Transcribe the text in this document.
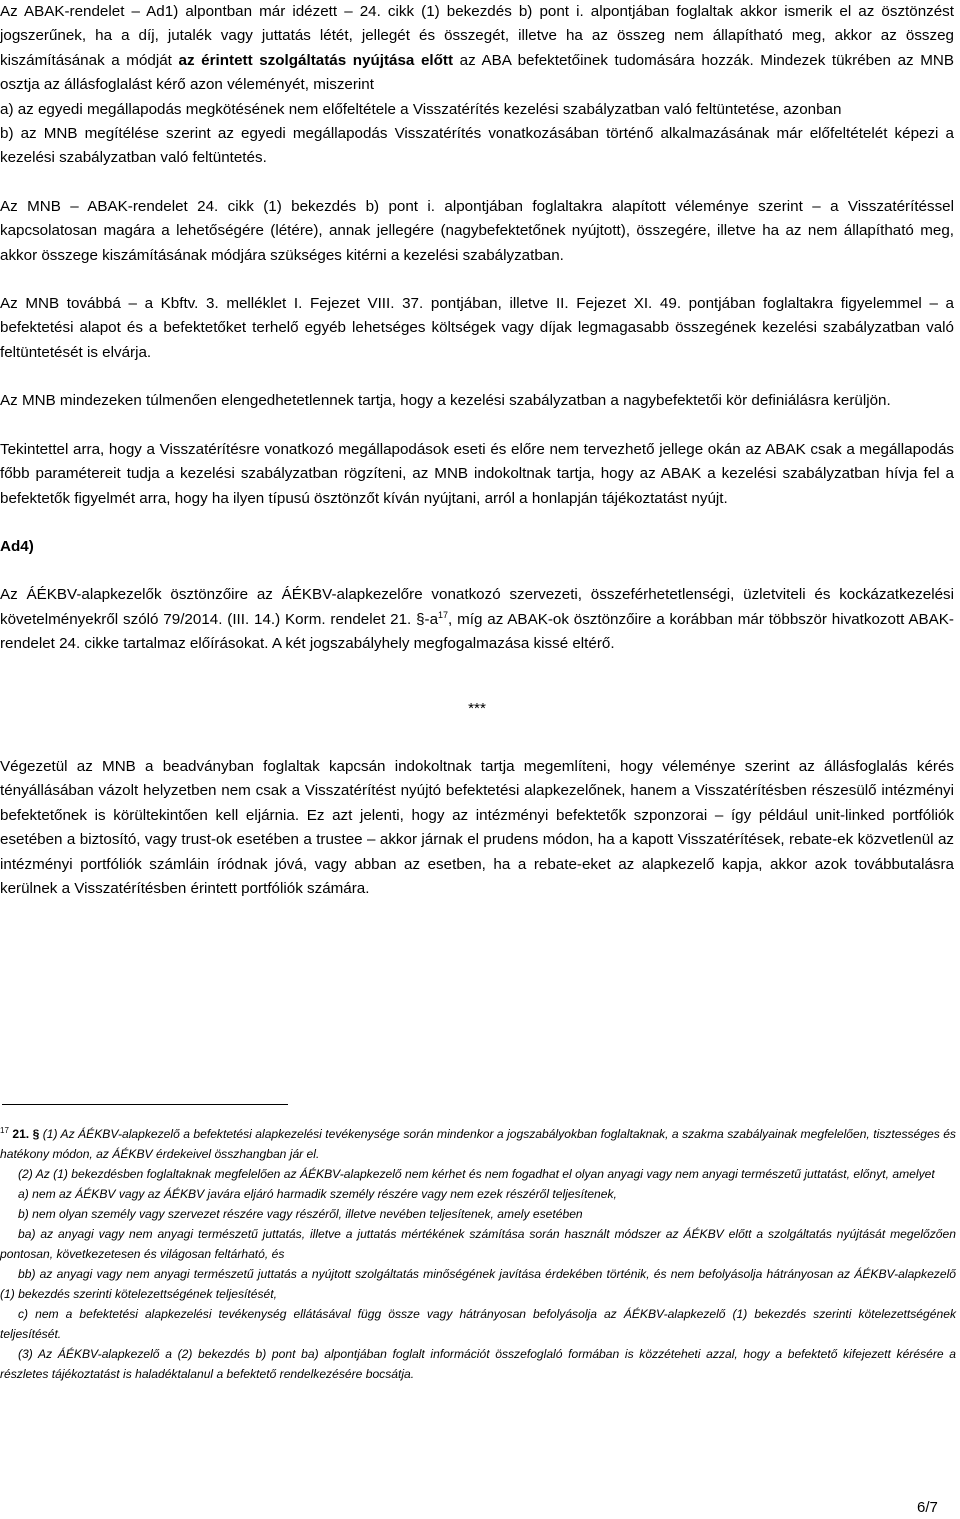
Az ABAK-rendelet – Ad1) alpontban már idézett – 24. cikk (1) bekezdés b) pont i. alpontjában foglaltak akkor ismerik el az ösztönzést jogszerűnek, ha a díj, jutalék vagy juttatás létét, jellegét és összegét, illetve ha az összeg nem állapítható meg, akkor az összeg kiszámításának a módját az érintett szolgáltatás nyújtása előtt az ABA befektetőinek tudomására hozzák. Mindezek tükrében az MNB osztja az állásfoglalást kérő azon véleményét, miszerint

a) az egyedi megállapodás megkötésének nem előfeltétele a Visszatérítés kezelési szabályzatban való feltüntetése, azonban

b) az MNB megítélése szerint az egyedi megállapodás Visszatérítés vonatkozásában történő alkalmazásának már előfeltételét képezi a kezelési szabályzatban való feltüntetés.

Az MNB – ABAK-rendelet 24. cikk (1) bekezdés b) pont i. alpontjában foglaltakra alapított véleménye szerint – a Visszatérítéssel kapcsolatosan magára a lehetőségére (létére), annak jellegére (nagybefektetőnek nyújtott), összegére, illetve ha az nem állapítható meg, akkor összege kiszámításának módjára szükséges kitérni a kezelési szabályzatban.

Az MNB továbbá – a Kbftv. 3. melléklet I. Fejezet VIII. 37. pontjában, illetve II. Fejezet XI. 49. pontjában foglaltakra figyelemmel – a befektetési alapot és a befektetőket terhelő egyéb lehetséges költségek vagy díjak legmagasabb összegének kezelési szabályzatban való feltüntetését is elvárja.

Az MNB mindezeken túlmenően elengedhetetlennek tartja, hogy a kezelési szabályzatban a nagybefektetői kör definiálásra kerüljön.

Tekintettel arra, hogy a Visszatérítésre vonatkozó megállapodások eseti és előre nem tervezhető jellege okán az ABAK csak a megállapodás főbb paramétereit tudja a kezelési szabályzatban rögzíteni, az MNB indokoltnak tartja, hogy az ABAK a kezelési szabályzatban hívja fel a befektetők figyelmét arra, hogy ha ilyen típusú ösztönzőt kíván nyújtani, arról a honlapján tájékoztatást nyújt.

Ad4)

Az ÁÉKBV-alapkezelők ösztönzőire az ÁÉKBV-alapkezelőre vonatkozó szervezeti, összeférhetetlenségi, üzletviteli és kockázatkezelési követelményekről szóló 79/2014. (III. 14.) Korm. rendelet 21. $\S-a^{17}$, míg az ABAK-ok ösztönzőire a korábban már többször hivatkozott ABAK-rendelet 24. cikke tartalmaz előírásokat. A két jogszabályhely megfogalmazása kissé eltérő.

***

Végezetül az MNB a beadványban foglaltak kapcsán indokoltnak tartja megemlíteni, hogy véleménye szerint az állásfoglalás kérés tényállásában vázolt helyzetben nem csak a Visszatérítést nyújtó befektetési alapkezelőnek, hanem a Visszatérítésben részesülő intézményi befektetőnek is körültekintően kell eljárnia. Ez azt jelenti, hogy az intézményi befektetők szponzorai – így például unit-linked portfóliók esetében a biztosító, vagy trust-ok esetében a trustee – akkor járnak el prudens módon, ha a kapott Visszatérítések, rebate-ek közvetlenül az intézményi portfóliók számláin íródnak jóvá, vagy abban az esetben, ha a rebate-eket az alapkezelő kapja, akkor azok továbbutalásra kerülnek a Visszatérítésben érintett portfóliók számára.

$^{17}$ 21. § (1) Az ÁÉKBV-alapkezelő a befektetési alapkezelési tevékenysége során mindenkor a jogszabályokban foglaltaknak, a szakma szabályainak megfelelően, tisztességes és hatékony módon, az ÁÉKBV érdekeivel összhangban jár el.

(2) Az (1) bekezdésben foglaltaknak megfelelően az ÁÉKBV-alapkezelő nem kérhet és nem fogadhat el olyan anyagi vagy nem anyagi természetű juttatást, előnyt, amelyet

a) nem az ÁÉKBV vagy az ÁÉKBV javára eljáró harmadik személy részére vagy nem ezek részéről teljesítenek,

b) nem olyan személy vagy szervezet részére vagy részéről, illetve nevében teljesítenek, amely esetében

ba) az anyagi vagy nem anyagi természetű juttatás, illetve a juttatás mértékének számítása során használt módszer az ÁÉKBV előtt a szolgáltatás nyújtását megelőzően pontosan, következetesen és világosan feltárható, és

bb) az anyagi vagy nem anyagi természetű juttatás a nyújtott szolgáltatás minőségének javítása érdekében történik, és nem befolyásolja hátrányosan az ÁÉKBV-alapkezelő (1) bekezdés szerinti kötelezettségének teljesítését,

c) nem a befektetési alapkezelési tevékenység ellátásával függ össze vagy hátrányosan befolyásolja az ÁÉKBV-alapkezelő (1) bekezdés szerinti kötelezettségének teljesítését.

(3) Az ÁÉKBV-alapkezelő a (2) bekezdés b) pont ba) alpontjában foglalt információt összefoglaló formában is közzéteheti azzal, hogy a befektető kifejezett kérésére a részletes tájékoztatást is haladéktalanul a befektető rendelkezésére bocsátja.

6/7
